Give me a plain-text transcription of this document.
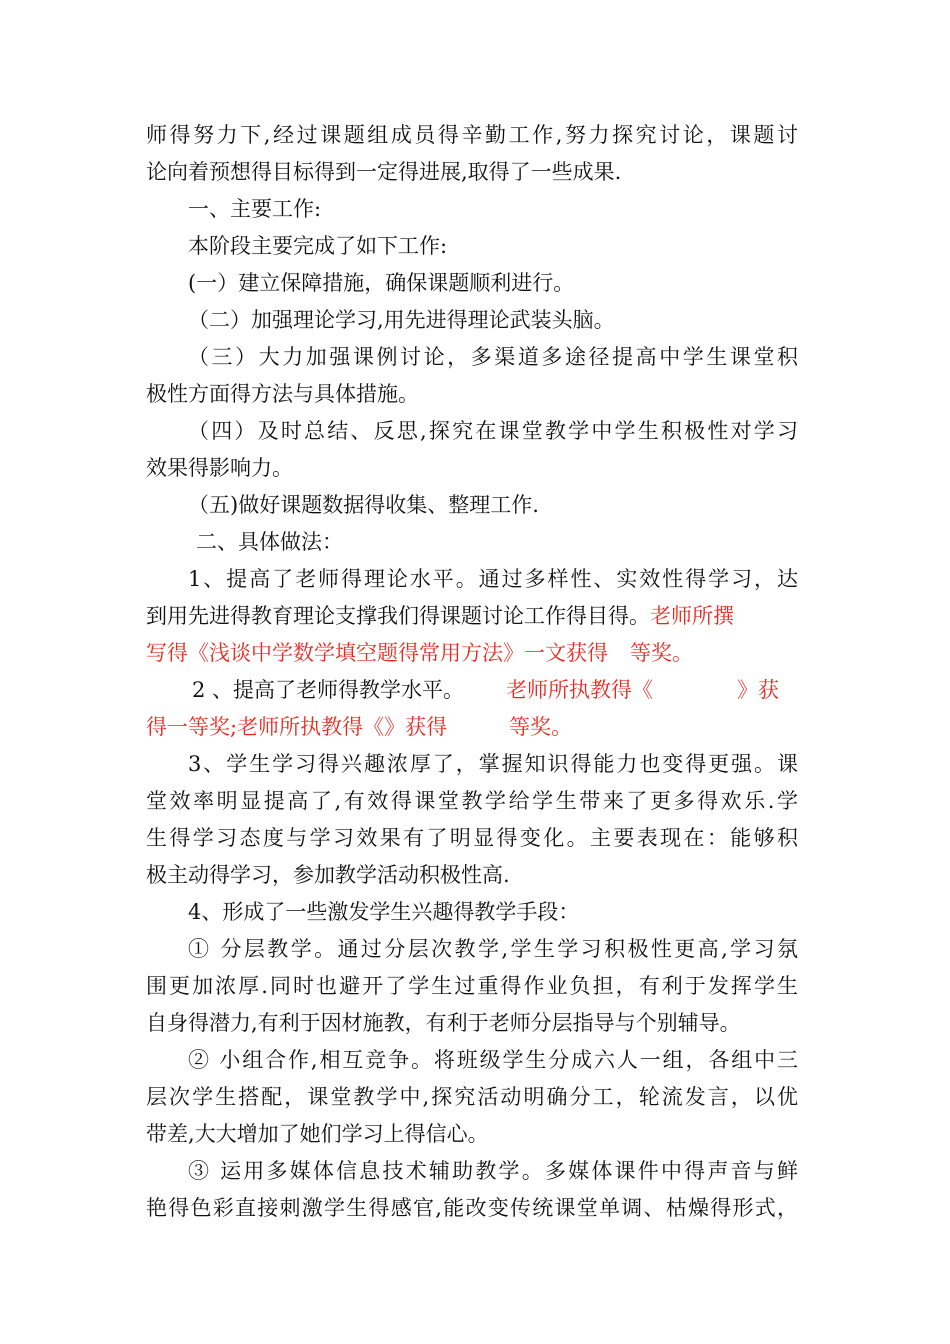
师得努力下,经过课题组成员得辛勤工作,努力探究讨论，课题讨
论向着预想得目标得到一定得进展,取得了一些成果.
一、主要工作:
本阶段主要完成了如下工作:
(一）建立保障措施，确保课题顺利进行。
（二）加强理论学习,用先进得理论武装头脑。
（三）大力加强课例讨论，多渠道多途径提高中学生课堂积
极性方面得方法与具体措施。
（四）及时总结、反思,探究在课堂教学中学生积极性对学习
效果得影响力。
（五)做好课题数据得收集、整理工作.
二、具体做法：
1、提高了老师得理论水平。通过多样性、实效性得学习，达
到用先进得教育理论支撑我们得课题讨论工作得目得。老师所撰
写得《浅谈中学数学填空题得常用方法》一文获得 等奖。
2 、提高了老师得教学水平。 老师所执教得《	》获
得一等奖;老师所执教得《》获得	等奖。
3、学生学习得兴趣浓厚了，掌握知识得能力也变得更强。课
堂效率明显提高了,有效得课堂教学给学生带来了更多得欢乐.学
生得学习态度与学习效果有了明显得变化。主要表现在：能够积
极主动得学习，参加教学活动积极性高.
4、形成了一些激发学生兴趣得教学手段：
① 分层教学。通过分层次教学,学生学习积极性更高,学习氛
围更加浓厚.同时也避开了学生过重得作业负担，有利于发挥学生
自身得潜力,有利于因材施教，有利于老师分层指导与个别辅导。
② 小组合作,相互竞争。将班级学生分成六人一组，各组中三
层次学生搭配，课堂教学中,探究活动明确分工，轮流发言，以优
带差,大大增加了她们学习上得信心。
③ 运用多媒体信息技术辅助教学。多媒体课件中得声音与鲜
艳得色彩直接刺激学生得感官,能改变传统课堂单调、枯燥得形式，
